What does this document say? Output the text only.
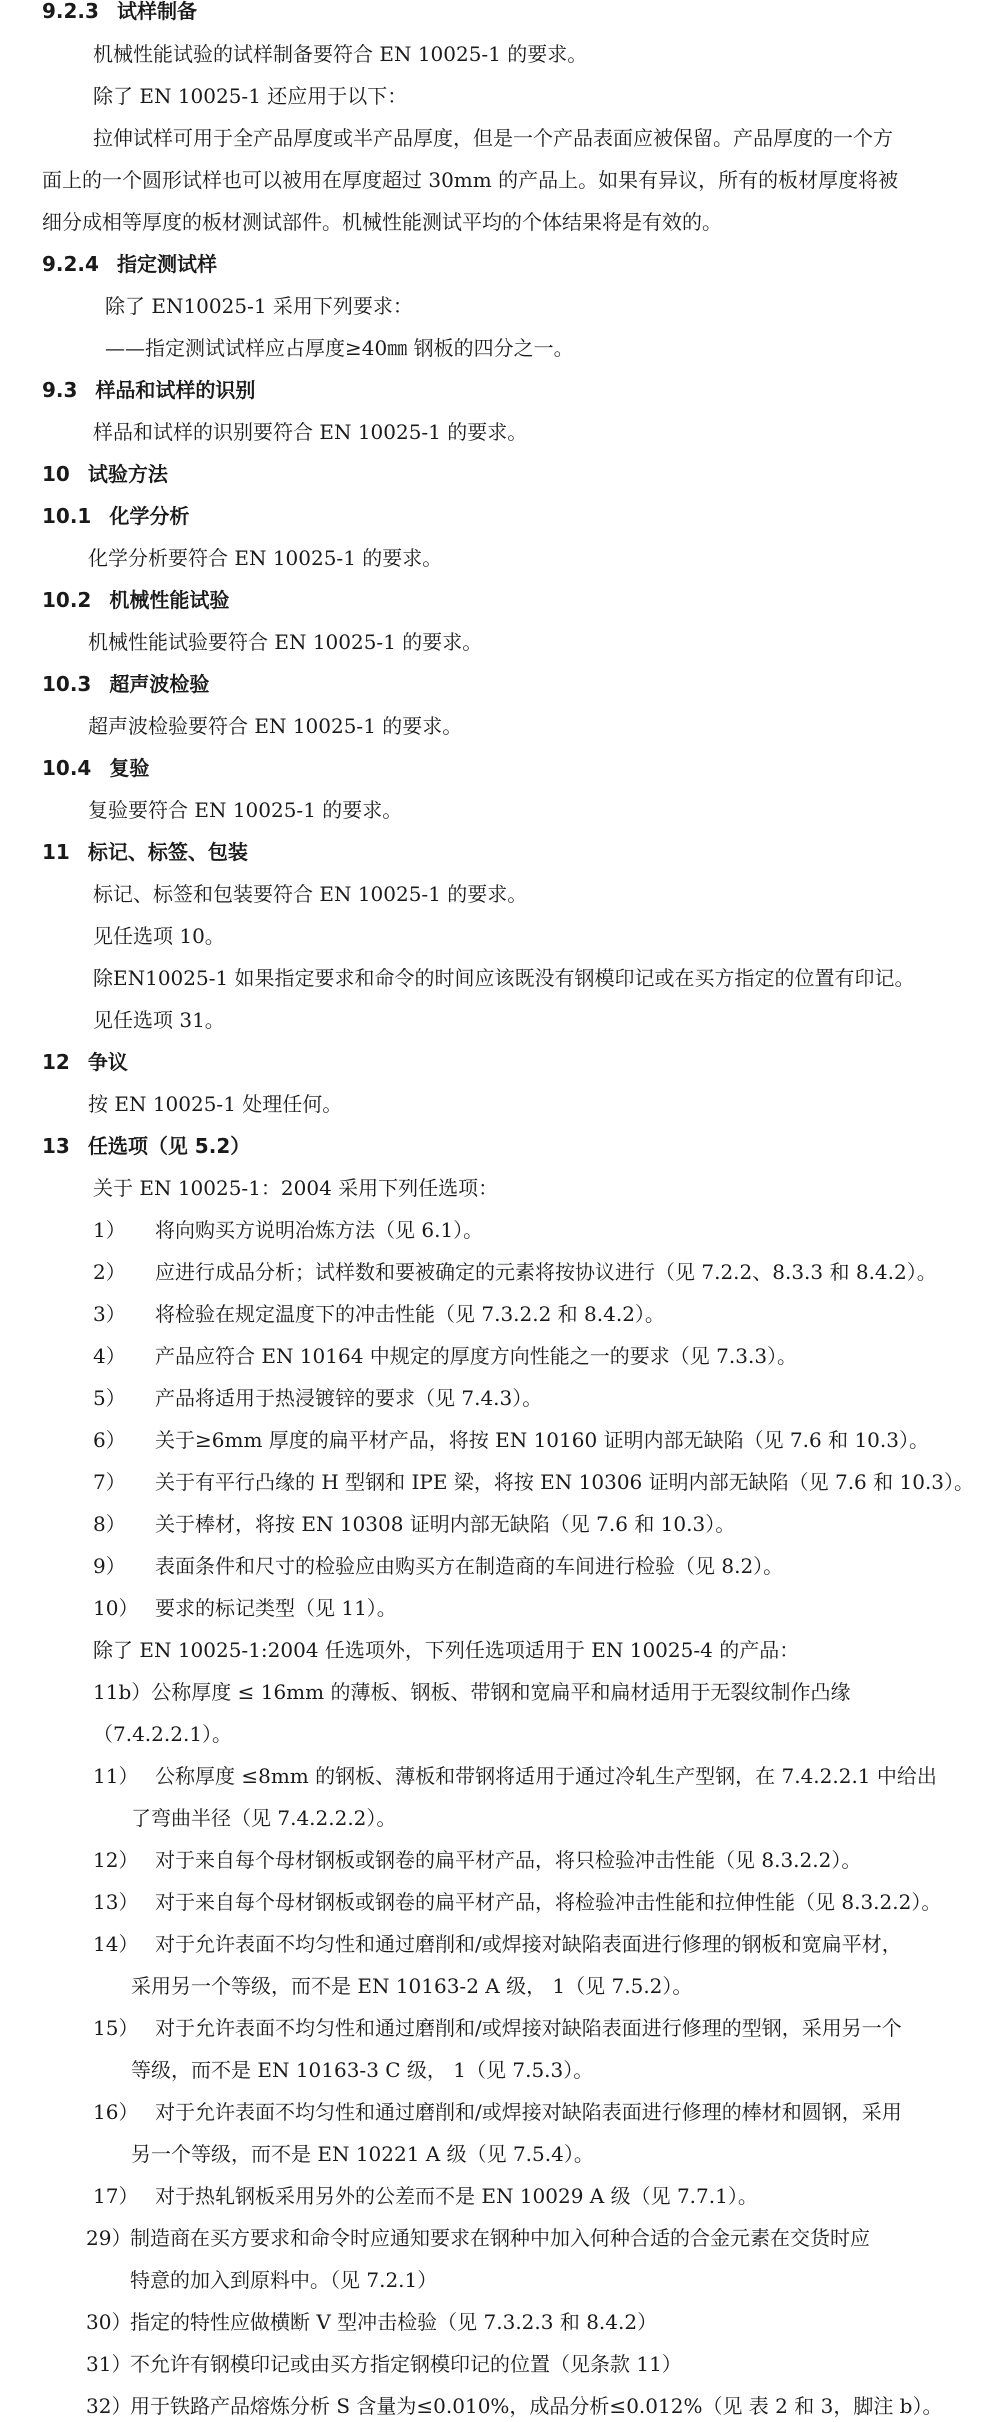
9.2.3 试样制备
机械性能试验的试样制备要符合 EN 10025-1 的要求。
除了 EN 10025-1 还应用于以下：
拉伸试样可用于全产品厚度或半产品厚度，但是一个产品表面应被保留。产品厚度的一个方
面上的一个圆形试样也可以被用在厚度超过 30mm 的产品上。如果有异议，所有的板材厚度将被
细分成相等厚度的板材测试部件。机械性能测试平均的个体结果将是有效的。
9.2.4 指定测试样
除了 EN10025-1 采用下列要求：
——指定测试试样应占厚度≥40㎜ 钢板的四分之一。
9.3 样品和试样的识别
样品和试样的识别要符合 EN 10025-1 的要求。
10 试验方法
10.1 化学分析
化学分析要符合 EN 10025-1 的要求。
10.2 机械性能试验
机械性能试验要符合 EN 10025-1 的要求。
10.3 超声波检验
超声波检验要符合 EN 10025-1 的要求。
10.4 复验
复验要符合 EN 10025-1 的要求。
11 标记、标签、包装
标记、标签和包装要符合 EN 10025-1 的要求。
见任选项 10。
除EN10025-1 如果指定要求和命令的时间应该既没有钢模印记或在买方指定的位置有印记。
见任选项 31。
12 争议
按 EN 10025-1 处理任何。
13 任选项（见 5.2）
关于 EN 10025-1：2004 采用下列任选项：
1） 将向购买方说明冶炼方法（见 6.1）。
2） 应进行成品分析；试样数和要被确定的元素将按协议进行（见 7.2.2、8.3.3 和 8.4.2）。
3） 将检验在规定温度下的冲击性能（见 7.3.2.2 和 8.4.2）。
4） 产品应符合 EN 10164 中规定的厚度方向性能之一的要求（见 7.3.3）。
5） 产品将适用于热浸镀锌的要求（见 7.4.3）。
6） 关于≥6mm 厚度的扁平材产品，将按 EN 10160 证明内部无缺陷（见 7.6 和 10.3）。
7） 关于有平行凸缘的 H 型钢和 IPE 梁，将按 EN 10306 证明内部无缺陷（见 7.6 和 10.3）。
8） 关于棒材，将按 EN 10308 证明内部无缺陷（见 7.6 和 10.3）。
9） 表面条件和尺寸的检验应由购买方在制造商的车间进行检验（见 8.2）。
10） 要求的标记类型（见 11）。
除了 EN 10025-1:2004 任选项外，下列任选项适用于 EN 10025-4 的产品：
11b）公称厚度 ≤ 16mm 的薄板、钢板、带钢和宽扁平和扁材适用于无裂纹制作凸缘
（7.4.2.2.1）。
11） 公称厚度 ≤8mm 的钢板、薄板和带钢将适用于通过冷轧生产型钢，在 7.4.2.2.1 中给出
了弯曲半径（见 7.4.2.2.2）。
12） 对于来自每个母材钢板或钢卷的扁平材产品，将只检验冲击性能（见 8.3.2.2）。
13） 对于来自每个母材钢板或钢卷的扁平材产品，将检验冲击性能和拉伸性能（见 8.3.2.2）。
14） 对于允许表面不均匀性和通过磨削和/或焊接对缺陷表面进行修理的钢板和宽扁平材，
采用另一个等级，而不是 EN 10163-2 A 级， 1（见 7.5.2）。
15） 对于允许表面不均匀性和通过磨削和/或焊接对缺陷表面进行修理的型钢，采用另一个
等级，而不是 EN 10163-3 C 级， 1（见 7.5.3）。
16） 对于允许表面不均匀性和通过磨削和/或焊接对缺陷表面进行修理的棒材和圆钢，采用
另一个等级，而不是 EN 10221 A 级（见 7.5.4）。
17） 对于热轧钢板采用另外的公差而不是 EN 10029 A 级（见 7.7.1）。
29）制造商在买方要求和命令时应通知要求在钢种中加入何种合适的合金元素在交货时应
特意的加入到原料中。（见 7.2.1）
30）指定的特性应做横断 V 型冲击检验（见 7.3.2.3 和 8.4.2）
31）不允许有钢模印记或由买方指定钢模印记的位置（见条款 11）
32）用于铁路产品熔炼分析 S 含量为≤0.010%，成品分析≤0.012%（见 表 2 和 3，脚注 b）。
